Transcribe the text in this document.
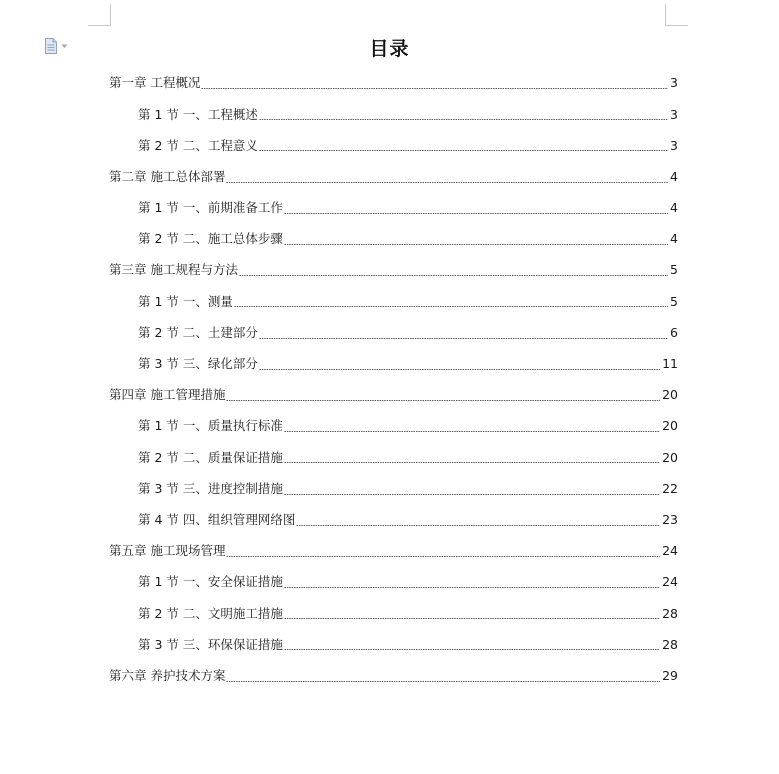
目录
第一章 工程概况	3
第 1 节 一、工程概述	3
第 2 节 二、工程意义	3
第二章 施工总体部署	4
第 1 节 一、前期准备工作	4
第 2 节 二、施工总体步骤	4
第三章 施工规程与方法	5
第 1 节 一、测量	5
第 2 节 二、土建部分	6
第 3 节 三、绿化部分	11
第四章 施工管理措施	20
第 1 节 一、质量执行标准	20
第 2 节 二、质量保证措施	20
第 3 节 三、进度控制措施	22
第 4 节 四、组织管理网络图	23
第五章 施工现场管理	24
第 1 节 一、安全保证措施	24
第 2 节 二、文明施工措施	28
第 3 节 三、环保保证措施	28
第六章 养护技术方案	29
